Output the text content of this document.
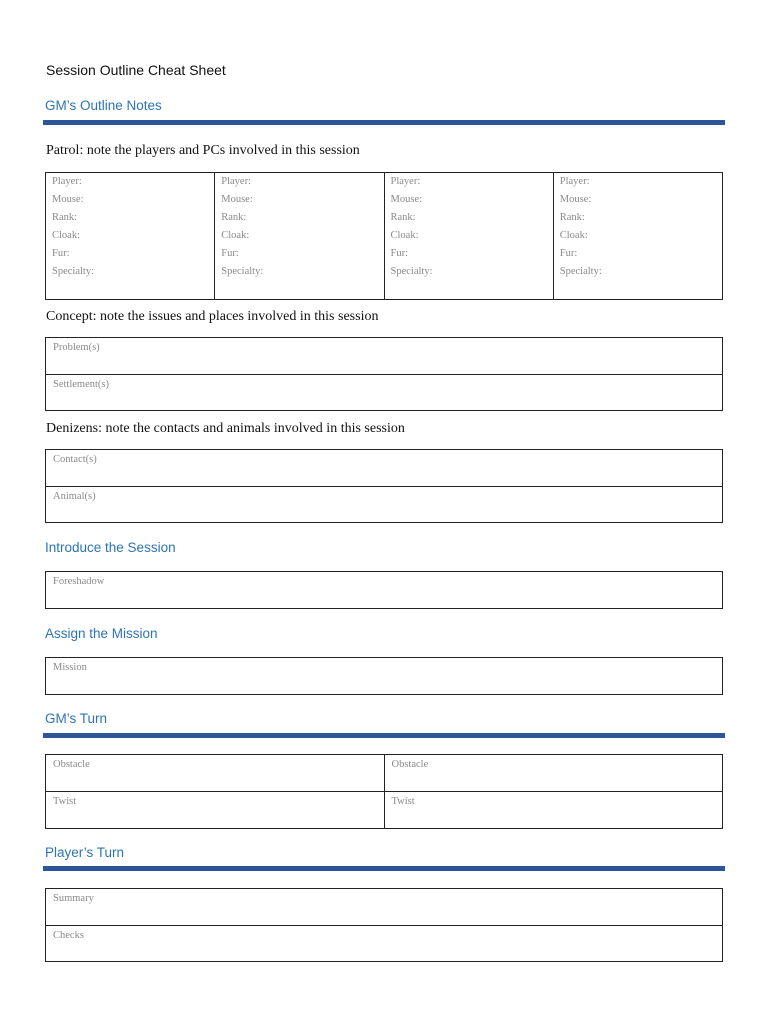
Session Outline Cheat Sheet
GM’s Outline Notes
Patrol: note the players and PCs involved in this session
Player:
Mouse:
Rank:
Cloak:
Fur:
Specialty:
Player:
Mouse:
Rank:
Cloak:
Fur:
Specialty:
Player:
Mouse:
Rank:
Cloak:
Fur:
Specialty:
Player:
Mouse:
Rank:
Cloak:
Fur:
Specialty:
Concept: note the issues and places involved in this session
Problem(s)
Settlement(s)
Denizens: note the contacts and animals involved in this session
Contact(s)
Animal(s)
Introduce the Session
Foreshadow
Assign the Mission
Mission
GM’s Turn
Obstacle	Obstacle
Twist	Twist
Player’s Turn
Summary
Checks
